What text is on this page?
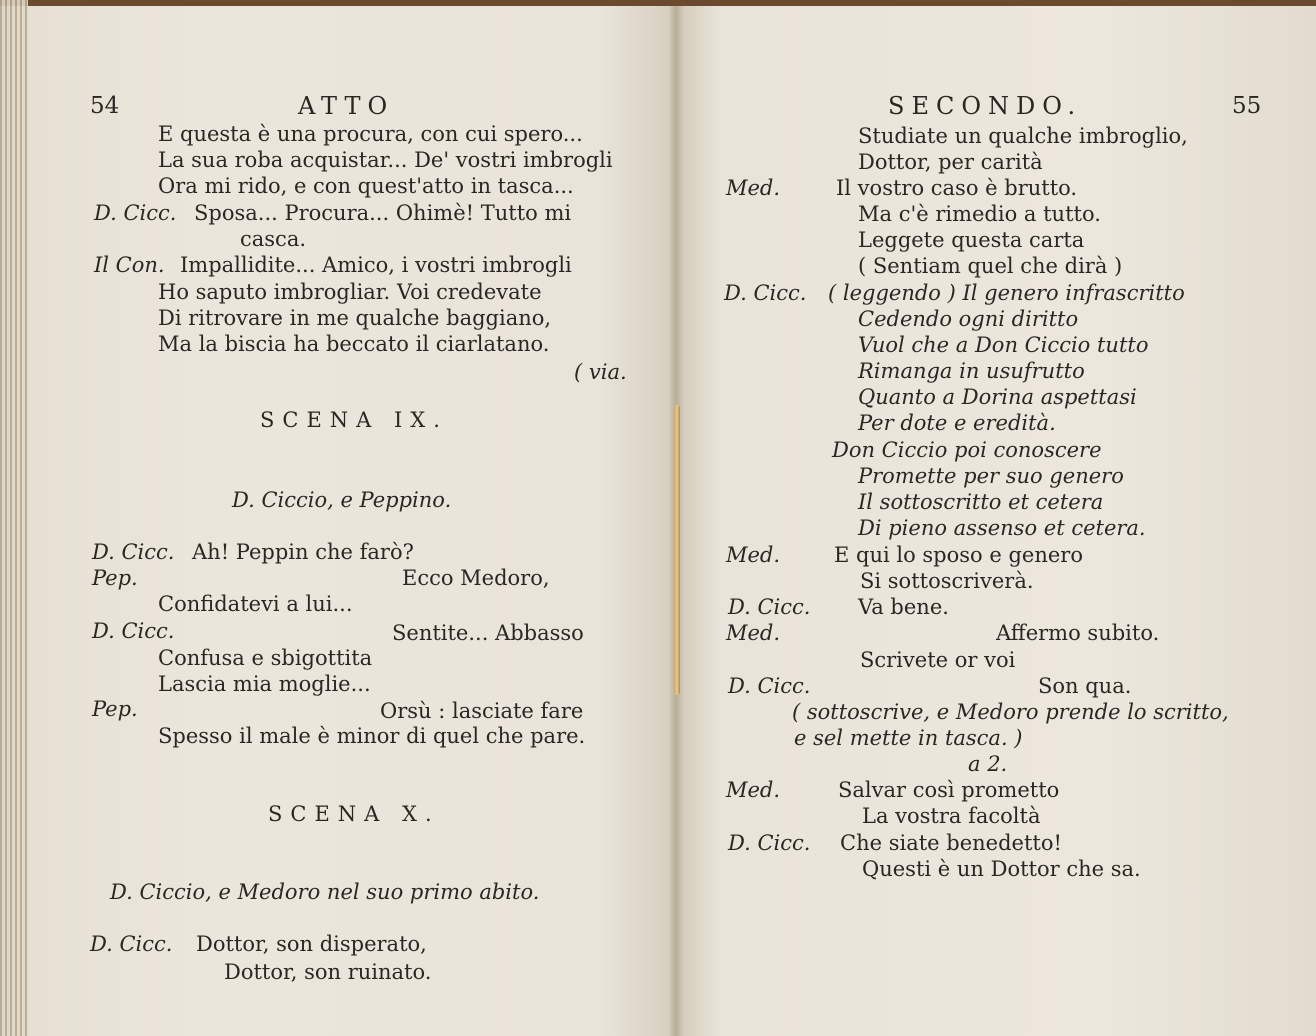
54	ATTO
E questa è una procura, con cui spero...
La sua roba acquistar... De' vostri imbrogli
Ora mi rido, e con quest'atto in tasca...
D. Cicc. Sposa... Procura... Ohimè! Tutto mi
casca.
Il Con. Impallidite... Amico, i vostri imbrogli
Ho saputo imbrogliar. Voi credevate
Di ritrovare in me qualche baggiano,
Ma la biscia ha beccato il ciarlatano.
( via.
SCENA IX.
D. Ciccio, e Peppino.
D. Cicc. Ah! Peppin che farò?
Pep.	Ecco Medoro,
Confidatevi a lui...
D. Cicc.	Sentite... Abbasso
Confusa e sbigottita
Lascia mia moglie...
Pep.	Orsù : lasciate fare
Spesso il male è minor di quel che pare.
SCENA X.
D. Ciccio, e Medoro nel suo primo abito.
D. Cicc. Dottor, son disperato,
Dottor, son ruinato.
SECONDO.	55
Studiate un qualche imbroglio,
Dottor, per carità
Med.	Il vostro caso è brutto.
Ma c'è rimedio a tutto.
Leggete questa carta
( Sentiam quel che dirà )
D. Cicc. ( leggendo ) Il genero infrascritto
Cedendo ogni diritto
Vuol che a Don Ciccio tutto
Rimanga in usufrutto
Quanto a Dorina aspettasi
Per dote e eredità.
Don Ciccio poi conoscere
Promette per suo genero
Il sottoscritto et cetera
Di pieno assenso et cetera.
Med.	E qui lo sposo e genero
Si sottoscriverà.
D. Cicc. Va bene.
Med.	Affermo subito.
Scrivete or voi
D. Cicc.	Son qua.
( sottoscrive, e Medoro prende lo scritto,
e sel mette in tasca. )
a 2.
Med.	Salvar così prometto
La vostra facoltà
D. Cicc. Che siate benedetto!
Questi è un Dottor che sa.
